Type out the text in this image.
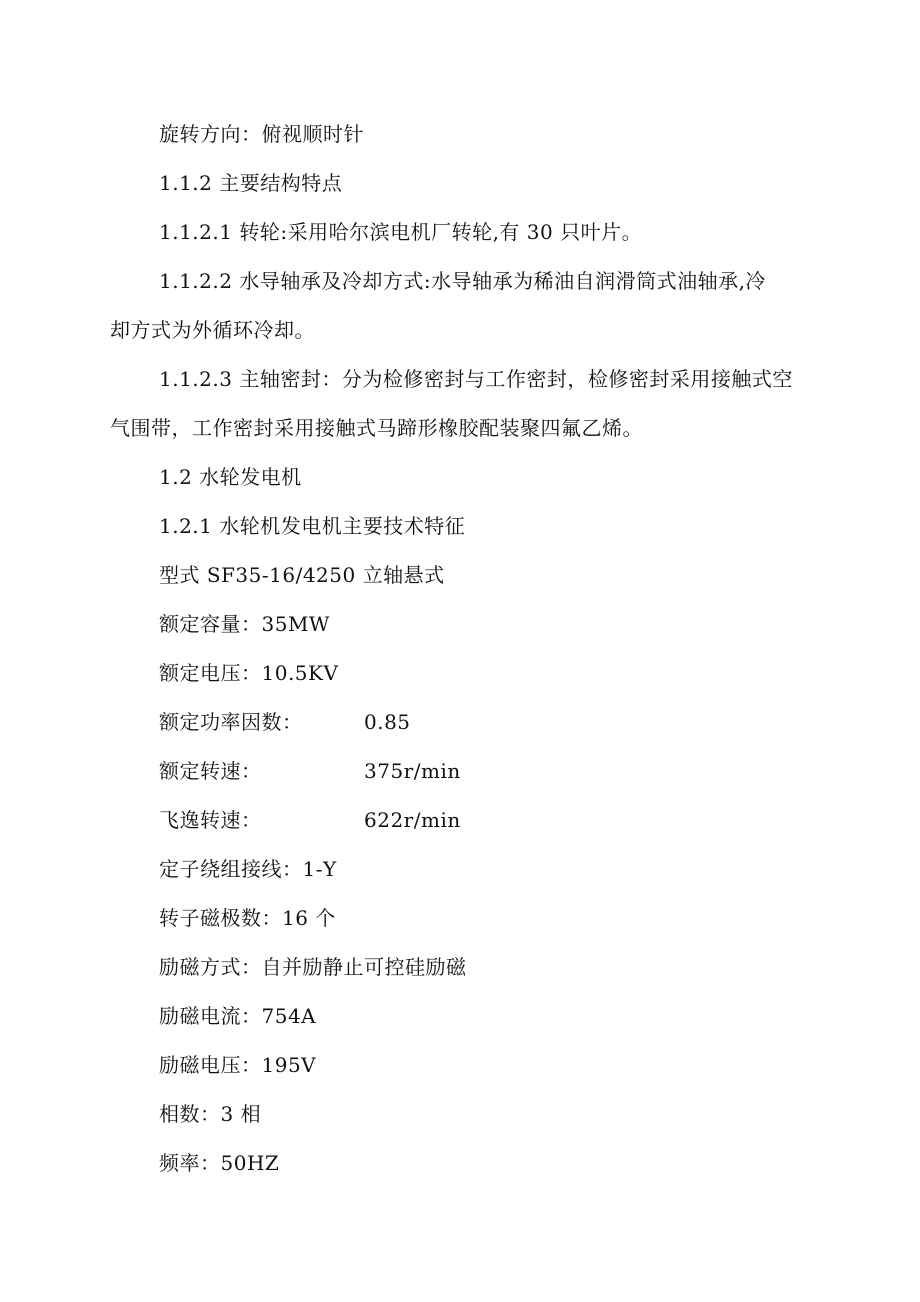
旋转方向：俯视顺时针
1.1.2 主要结构特点
1.1.2.1 转轮:采用哈尔滨电机厂转轮,有 30 只叶片。
1.1.2.2 水导轴承及冷却方式:水导轴承为稀油自润滑筒式油轴承,冷
却方式为外循环冷却。
1.1.2.3 主轴密封：分为检修密封与工作密封，检修密封采用接触式空
气围带，工作密封采用接触式马蹄形橡胶配装聚四氟乙烯。
1.2 水轮发电机
1.2.1 水轮机发电机主要技术特征
型式 SF35-16/4250 立轴悬式
额定容量：35MW
额定电压：10.5KV
额定功率因数：	0.85
额定转速：	375r/min
飞逸转速：	622r/min
定子绕组接线：1-Y
转子磁极数：16 个
励磁方式：自并励静止可控硅励磁
励磁电流：754A
励磁电压：195V
相数：3 相
频率：50HZ
